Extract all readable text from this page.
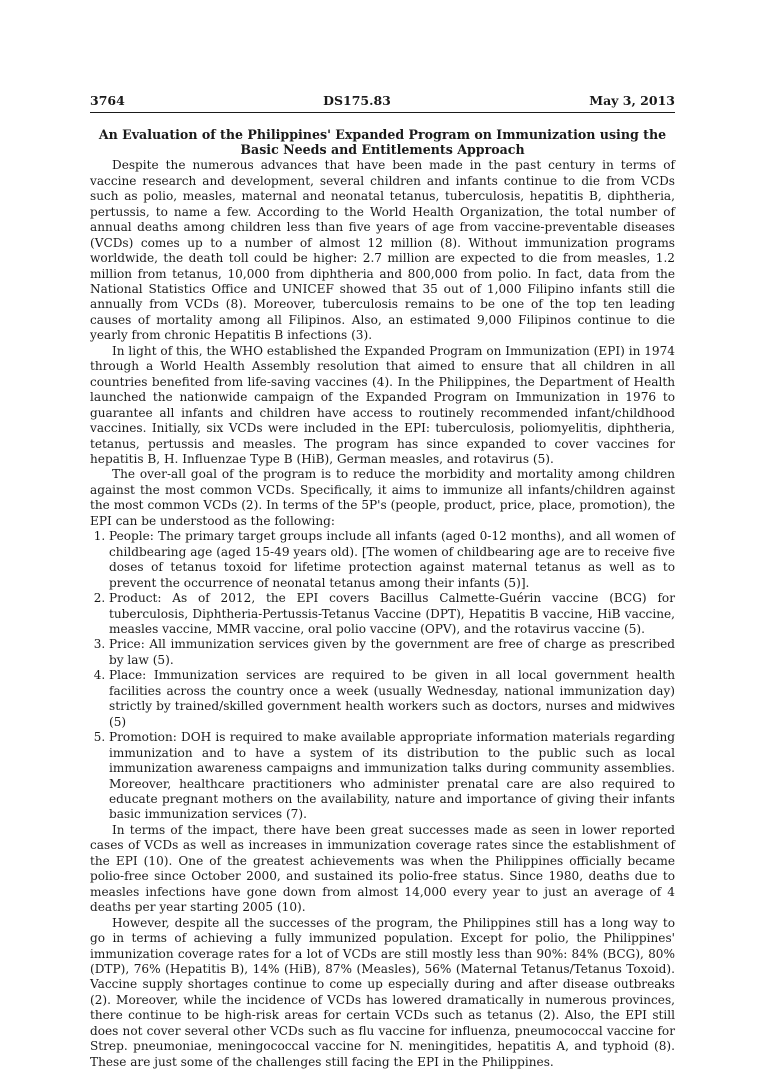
3764	DS175.83	May 3, 2013
An Evaluation of the Philippines' Expanded Program on Immunization using the Basic Needs and Entitlements Approach

Despite the numerous advances that have been made in the past century in terms of vaccine research and development, several children and infants continue to die from VCDs such as polio, measles, maternal and neonatal tetanus, tuberculosis, hepatitis B, diphtheria, pertussis, to name a few. According to the World Health Organization, the total number of annual deaths among children less than five years of age from vaccine-preventable diseases (VCDs) comes up to a number of almost 12 million (8). Without immunization programs worldwide, the death toll could be higher: 2.7 million are expected to die from measles, 1.2 million from tetanus, 10,000 from diphtheria and 800,000 from polio. In fact, data from the National Statistics Office and UNICEF showed that 35 out of 1,000 Filipino infants still die annually from VCDs (8). Moreover, tuberculosis remains to be one of the top ten leading causes of mortality among all Filipinos. Also, an estimated 9,000 Filipinos continue to die yearly from chronic Hepatitis B infections (3).

In light of this, the WHO established the Expanded Program on Immunization (EPI) in 1974 through a World Health Assembly resolution that aimed to ensure that all children in all countries benefited from life-saving vaccines (4). In the Philippines, the Department of Health launched the nationwide campaign of the Expanded Program on Immunization in 1976 to guarantee all infants and children have access to routinely recommended infant/childhood vaccines. Initially, six VCDs were included in the EPI: tuberculosis, poliomyelitis, diphtheria, tetanus, pertussis and measles. The program has since expanded to cover vaccines for hepatitis B, H. Influenzae Type B (HiB), German measles, and rotavirus (5).

The over-all goal of the program is to reduce the morbidity and mortality among children against the most common VCDs. Specifically, it aims to immunize all infants/children against the most common VCDs (2). In terms of the 5P's (people, product, price, place, promotion), the EPI can be understood as the following:

1. People: The primary target groups include all infants (aged 0-12 months), and all women of childbearing age (aged 15-49 years old). [The women of childbearing age are to receive five doses of tetanus toxoid for lifetime protection against maternal tetanus as well as to prevent the occurrence of neonatal tetanus among their infants (5)].
2. Product: As of 2012, the EPI covers Bacillus Calmette-Guérin vaccine (BCG) for tuberculosis, Diphtheria-Pertussis-Tetanus Vaccine (DPT), Hepatitis B vaccine, HiB vaccine, measles vaccine, MMR vaccine, oral polio vaccine (OPV), and the rotavirus vaccine (5).
3. Price: All immunization services given by the government are free of charge as prescribed by law (5).
4. Place: Immunization services are required to be given in all local government health facilities across the country once a week (usually Wednesday, national immunization day) strictly by trained/skilled government health workers such as doctors, nurses and midwives (5)
5. Promotion: DOH is required to make available appropriate information materials regarding immunization and to have a system of its distribution to the public such as local immunization awareness campaigns and immunization talks during community assemblies. Moreover, healthcare practitioners who administer prenatal care are also required to educate pregnant mothers on the availability, nature and importance of giving their infants basic immunization services (7).

In terms of the impact, there have been great successes made as seen in lower reported cases of VCDs as well as increases in immunization coverage rates since the establishment of the EPI (10). One of the greatest achievements was when the Philippines officially became polio-free since October 2000, and sustained its polio-free status. Since 1980, deaths due to measles infections have gone down from almost 14,000 every year to just an average of 4 deaths per year starting 2005 (10).

However, despite all the successes of the program, the Philippines still has a long way to go in terms of achieving a fully immunized population. Except for polio, the Philippines' immunization coverage rates for a lot of VCDs are still mostly less than 90%: 84% (BCG), 80% (DTP), 76% (Hepatitis B), 14% (HiB), 87% (Measles), 56% (Maternal Tetanus/Tetanus Toxoid). Vaccine supply shortages continue to come up especially during and after disease outbreaks (2). Moreover, while the incidence of VCDs has lowered dramatically in numerous provinces, there continue to be high-risk areas for certain VCDs such as tetanus (2). Also, the EPI still does not cover several other VCDs such as flu vaccine for influenza, pneumococcal vaccine for Strep. pneumoniae, meningococcal vaccine for N. meningitides, hepatitis A, and typhoid (8). These are just some of the challenges still facing the EPI in the Philippines.
